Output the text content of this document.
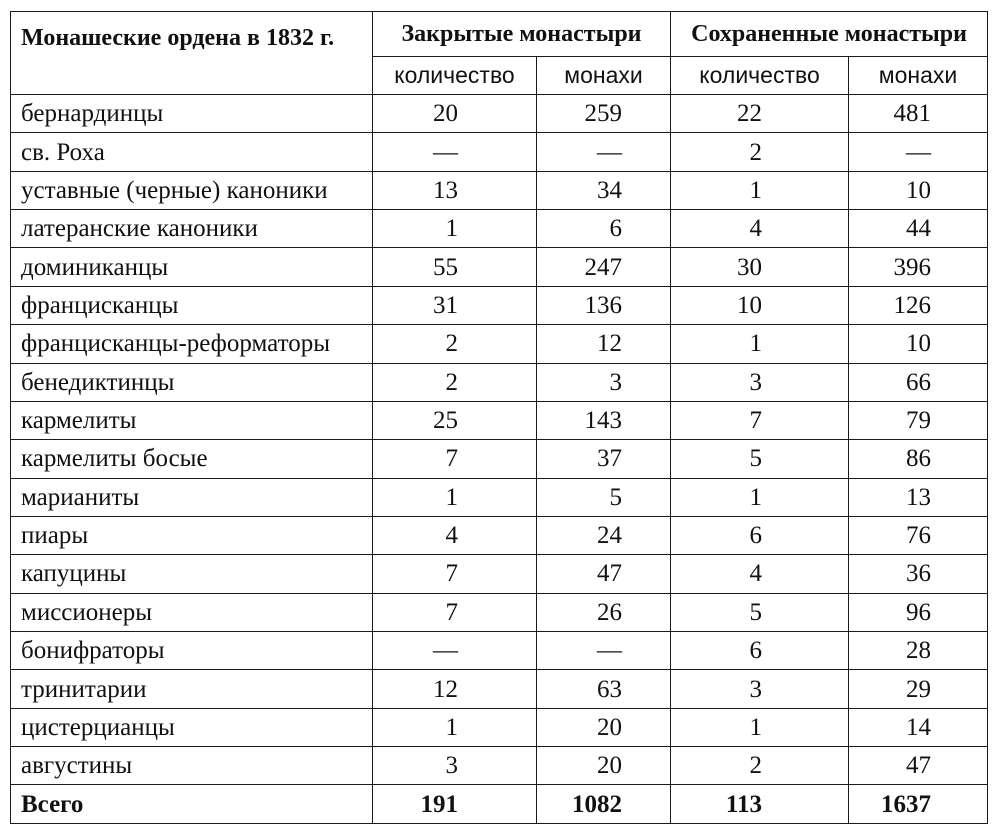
Монашеские ордена в 1832 г.	Закрытые монастыри		Сохраненные монастыри	
	количество	монахи	количество	монахи
бернардинцы	20	259	22	481
св. Роха	—	—	2	—
уставные (черные) каноники	13	34	1	10
латеранские каноники	1	6	4	44
доминиканцы	55	247	30	396
францисканцы	31	136	10	126
францисканцы-реформаторы	2	12	1	10
бенедиктинцы	2	3	3	66
кармелиты	25	143	7	79
кармелиты босые	7	37	5	86
марианиты	1	5	1	13
пиары	4	24	6	76
капуцины	7	47	4	36
миссионеры	7	26	5	96
бонифраторы	—	—	6	28
тринитарии	12	63	3	29
цистерцианцы	1	20	1	14
августины	3	20	2	47
Всего	191	1082	113	1637
